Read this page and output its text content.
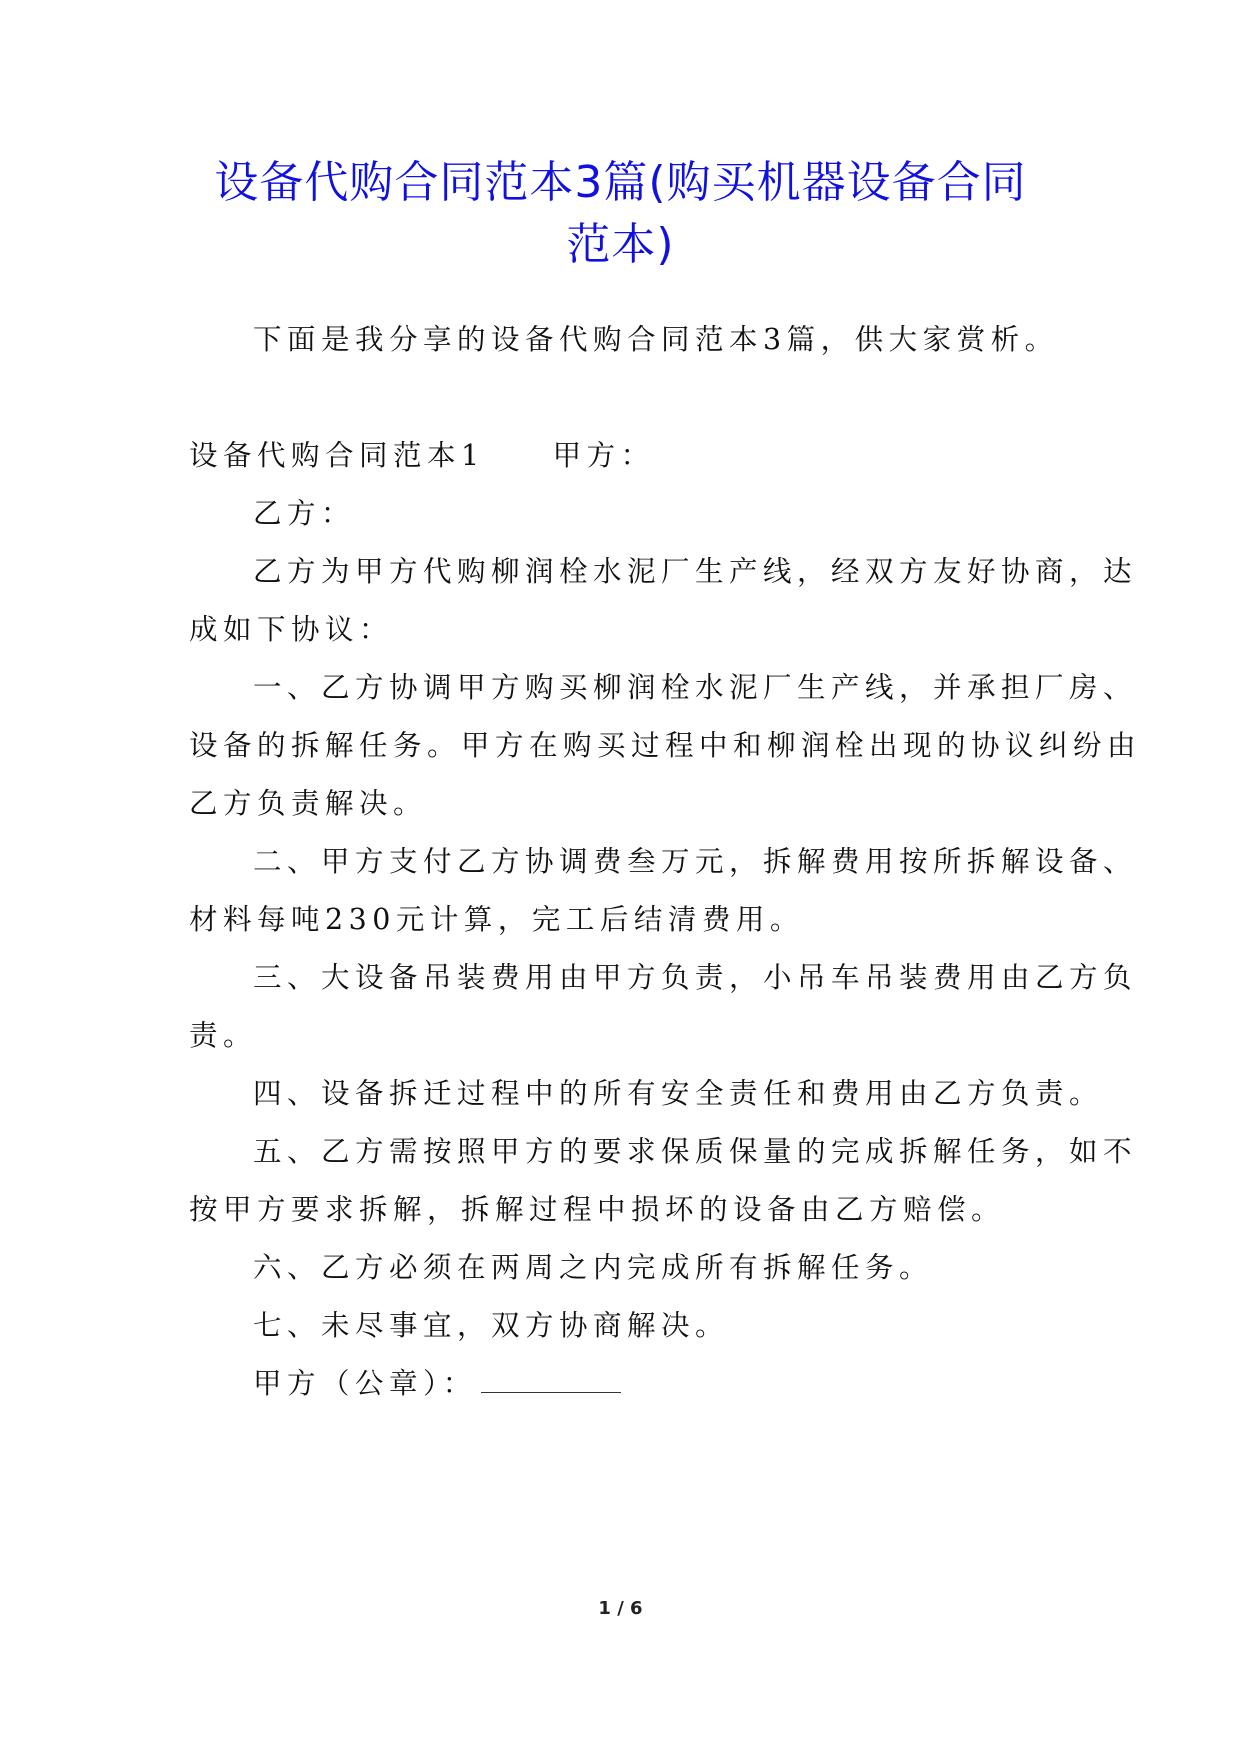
设备代购合同范本3篇(购买机器设备合同
范本)
下面是我分享的设备代购合同范本3篇，供大家赏析。
设备代购合同范本1 甲方：
乙方：
乙方为甲方代购柳润栓水泥厂生产线，经双方友好协商，达
成如下协议：
一、乙方协调甲方购买柳润栓水泥厂生产线，并承担厂房、
设备的拆解任务。甲方在购买过程中和柳润栓出现的协议纠纷由
乙方负责解决。
二、甲方支付乙方协调费叁万元，拆解费用按所拆解设备、
材料每吨230元计算，完工后结清费用。
三、大设备吊装费用由甲方负责，小吊车吊装费用由乙方负
责。
四、设备拆迁过程中的所有安全责任和费用由乙方负责。
五、乙方需按照甲方的要求保质保量的完成拆解任务，如不
按甲方要求拆解，拆解过程中损坏的设备由乙方赔偿。
六、乙方必须在两周之内完成所有拆解任务。
七、未尽事宜，双方协商解决。
甲方（公章）：
1 / 6
